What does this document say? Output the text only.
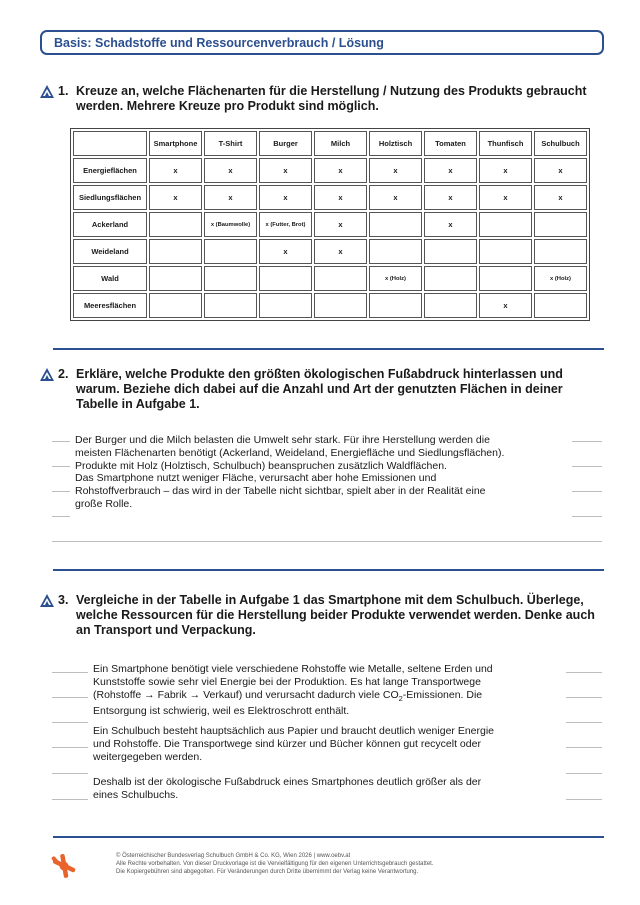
Basis: Schadstoffe und Ressourcenverbrauch / Lösung
1. Kreuze an, welche Flächenarten für die Herstellung / Nutzung des Produkts gebraucht werden. Mehrere Kreuze pro Produkt sind möglich.
	Smartphone	T-Shirt	Burger	Milch	Holztisch	Tomaten	Thunfisch	Schulbuch
Energieflächen	x	x	x	x	x	x	x	x
Siedlungsflächen	x	x	x	x	x	x	x	x
Ackerland		x (Baumwolle)	x (Futter, Brot)	x		x		
Weideland			x	x				
Wald					x (Holz)			x (Holz)
Meeresflächen							x	
2. Erkläre, welche Produkte den größten ökologischen Fußabdruck hinterlassen und warum. Beziehe dich dabei auf die Anzahl und Art der genutzten Flächen in deiner Tabelle in Aufgabe 1.
Der Burger und die Milch belasten die Umwelt sehr stark. Für ihre Herstellung werden die
meisten Flächenarten benötigt (Ackerland, Weideland, Energiefläche und Siedlungsflächen).
Produkte mit Holz (Holztisch, Schulbuch) beanspruchen zusätzlich Waldflächen.
Das Smartphone nutzt weniger Fläche, verursacht aber hohe Emissionen und
Rohstoffverbrauch – das wird in der Tabelle nicht sichtbar, spielt aber in der Realität eine
große Rolle.
3. Vergleiche in der Tabelle in Aufgabe 1 das Smartphone mit dem Schulbuch. Überlege, welche Ressourcen für die Herstellung beider Produkte verwendet werden. Denke auch an Transport und Verpackung.
Ein Smartphone benötigt viele verschiedene Rohstoffe wie Metalle, seltene Erden und
Kunststoffe sowie sehr viel Energie bei der Produktion. Es hat lange Transportwege
(Rohstoffe → Fabrik → Verkauf) und verursacht dadurch viele $CO_2$-Emissionen. Die
Entsorgung ist schwierig, weil es Elektroschrott enthält.
Ein Schulbuch besteht hauptsächlich aus Papier und braucht deutlich weniger Energie
und Rohstoffe. Die Transportwege sind kürzer und Bücher können gut recycelt oder
weitergegeben werden.
Deshalb ist der ökologische Fußabdruck eines Smartphones deutlich größer als der
eines Schulbuchs.
© Österreichischer Bundesverlag Schulbuch GmbH & Co. KG, Wien 2026 | www.oebv.at
Alle Rechte vorbehalten. Von dieser Druckvorlage ist die Vervielfältigung für den eigenen Unterrichtsgebrauch gestattet.
Die Kopiergebühren sind abgegolten. Für Veränderungen durch Dritte übernimmt der Verlag keine Verantwortung.
